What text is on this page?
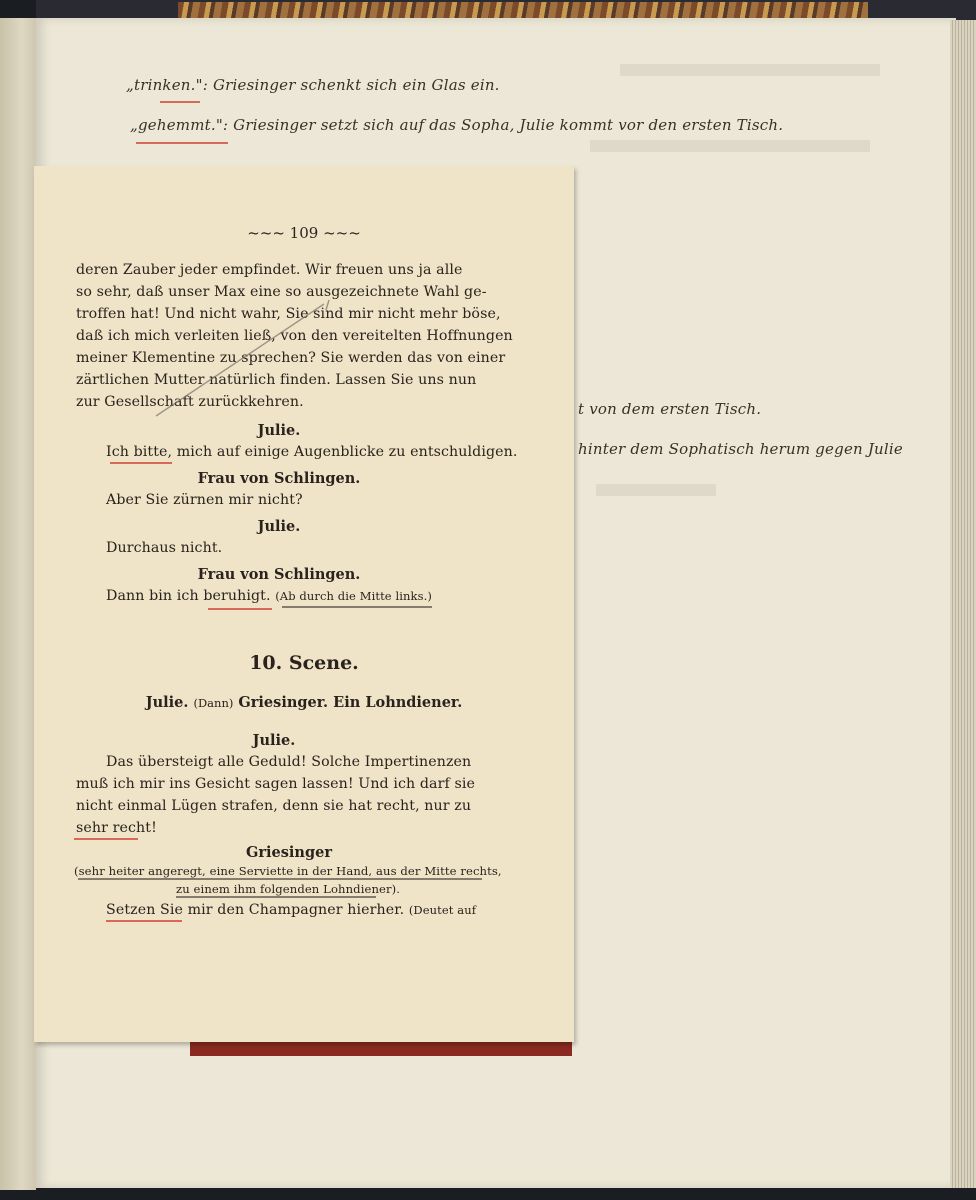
„trinken.": Griesinger schenkt sich ein Glas ein.
„gehemmt.": Griesinger setzt sich auf das Sopha, Julie kommt vor den ersten Tisch.
t von dem ersten Tisch.
hinter dem Sophatisch herum gegen Julie
~~~ 109 ~~~
deren Zauber jeder empfindet. Wir freuen uns ja alle
so sehr, daß unser Max eine so ausgezeichnete Wahl ge-
troffen hat! Und nicht wahr, Sie sind mir nicht mehr böse,
daß ich mich verleiten ließ, von den vereitelten Hoffnungen
meiner Klementine zu sprechen? Sie werden das von einer
zärtlichen Mutter natürlich finden. Lassen Sie uns nun
zur Gesellschaft zurückkehren.
Julie.
Ich bitte, mich auf einige Augenblicke zu entschuldigen.
Frau von Schlingen.
Aber Sie zürnen mir nicht?
Julie.
Durchaus nicht.
Frau von Schlingen.
Dann bin ich beruhigt. (Ab durch die Mitte links.)
10. Scene.
Julie. (Dann) Griesinger. Ein Lohndiener.
Julie.
Das übersteigt alle Geduld! Solche Impertinenzen
muß ich mir ins Gesicht sagen lassen! Und ich darf sie
nicht einmal Lügen strafen, denn sie hat recht, nur zu
sehr recht!
Griesinger
(sehr heiter angeregt, eine Serviette in der Hand, aus der Mitte rechts,
zu einem ihm folgenden Lohndiener).
Setzen Sie mir den Champagner hierher. (Deutet auf
